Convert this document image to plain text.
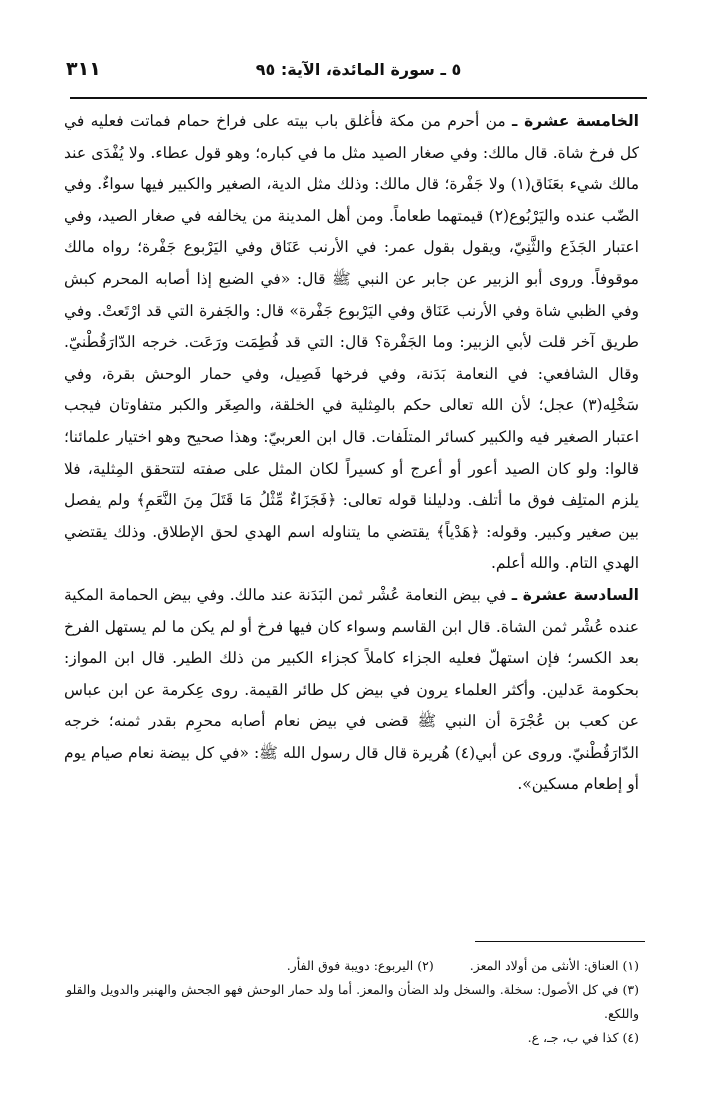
٥ ـ سورة المائدة، الآية: ٩٥
٣١١

الخامسة عشرة ـ من أحرم من مكة فأغلق باب بيته على فراخ حمام فماتت فعليه في كل فرخ شاة. قال مالك: وفي صغار الصيد مثل ما في كباره؛ وهو قول عطاء. ولا يُفْدَى عند مالك شيء بعَنَاق(١) ولا جَفْرة؛ قال مالك: وذلك مثل الدية، الصغير والكبير فيها سواءٌ. وفي الضّب عنده واليَرْبُوع(٢) قيمتهما طعاماً. ومن أهل المدينة من يخالفه في صغار الصيد، وفي اعتبار الجَذَع والثَّنِيّ، ويقول بقول عمر: في الأرنب عَنَاق وفي اليَرْبوع جَفْرة؛ رواه مالك موقوفاً. وروى أبو الزبير عن جابر عن النبي ﷺ قال: «في الضبع إذا أصابه المحرم كبش وفي الظبي شاة وفي الأرنب عَنَاق وفي اليَرْبوع جَفْرة» قال: والجَفرة التي قد ارْتَعتْ. وفي طريق آخر قلت لأبي الزبير: وما الجَفْرة؟ قال: التي قد فُطِمَت ورَعَت. خرجه الدّارَقُطْنيّ. وقال الشافعي: في النعامة بَدَنة، وفي فرخها فَصِيل، وفي حمار الوحش بقرة، وفي سَخْلِه(٣) عجل؛ لأن الله تعالى حكم بالمِثلية في الخلقة، والصِغَر والكبر متفاوتان فيجب اعتبار الصغير فيه والكبير كسائر المتلَفات. قال ابن العربيّ: وهذا صحيح وهو اختيار علمائنا؛ قالوا: ولو كان الصيد أعور أو أعرج أو كسيراً لكان المثل على صفته لتتحقق المِثلية، فلا يلزم المتلِف فوق ما أتلف. ودليلنا قوله تعالى: ﴿فَجَزَاءٌ مِّثْلُ مَا قَتَلَ مِنَ النَّعَمِ﴾ ولم يفصل بين صغير وكبير. وقوله: ﴿هَدْياً﴾ يقتضي ما يتناوله اسم الهدي لحق الإطلاق. وذلك يقتضي الهدي التام. والله أعلم.

السادسة عشرة ـ في بيض النعامة عُشْر ثمن البَدَنة عند مالك. وفي بيض الحمامة المكية عنده عُشْر ثمن الشاة. قال ابن القاسم وسواء كان فيها فرخ أو لم يكن ما لم يستهل الفرخ بعد الكسر؛ فإن استهلّ فعليه الجزاء كاملاً كجزاء الكبير من ذلك الطير. قال ابن المواز: بحكومة عَدلين. وأكثر العلماء يرون في بيض كل طائر القيمة. روى عِكرمة عن ابن عباس عن كعب بن عُجْرَة أن النبي ﷺ قضى في بيض نعام أصابه محرِم بقدر ثمنه؛ خرجه الدّارَقُطْنيّ. وروى عن أبي(٤) هُريرة قال قال رسول الله ﷺ: «في كل بيضة نعام صيام يوم أو إطعام مسكين».

(١) العناق: الأنثى من أولاد المعز.
(٢) اليربوع: دويبة فوق الفأر.
(٣) في كل الأصول: سخلة. والسخل ولد الضأن والمعز. أما ولد حمار الوحش فهو الجحش والهنبر والدويل والقلو واللكع.
(٤) كذا في ب، جـ، ع.
